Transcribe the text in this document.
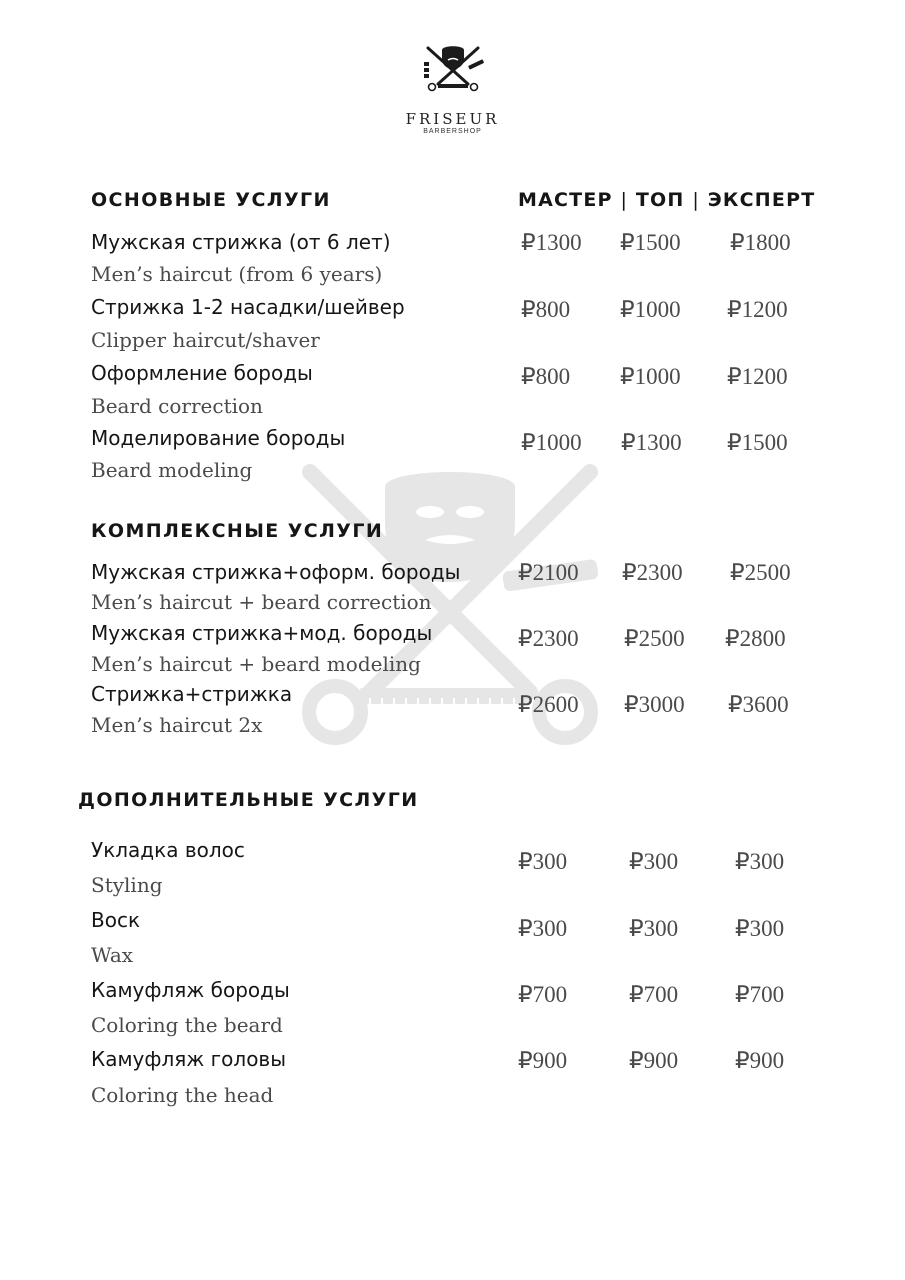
FRISEUR
BARBERSHOP
МАСТЕР | ТОП | ЭКСПЕРТ
ОСНОВНЫЕ УСЛУГИ
Мужская стрижка (от 6 лет)
Men’s haircut (from 6 years)
₽1300 ₽1500 ₽1800
Стрижка 1-2 насадки/шейвер
Clipper haircut/shaver
₽800 ₽1000 ₽1200
Оформление бороды
Beard correction
₽800 ₽1000 ₽1200
Моделирование бороды
Beard modeling
₽1000 ₽1300 ₽1500
КОМПЛЕКСНЫЕ УСЛУГИ
Мужская стрижка+оформ. бороды
Men’s haircut + beard correction
₽2100 ₽2300 ₽2500
Мужская стрижка+мод. бороды
Men’s haircut + beard modeling
₽2300 ₽2500 ₽2800
Стрижка+стрижка
Men’s haircut 2x
₽2600 ₽3000 ₽3600
ДОПОЛНИТЕЛЬНЫЕ УСЛУГИ
Укладка волос
Styling
₽300	₽300 ₽300
Воск
Wax
₽300	₽300 ₽300
Камуфляж бороды
Coloring the beard
₽700	₽700 ₽700
Камуфляж головы
Coloring the head
₽900	₽900 ₽900
